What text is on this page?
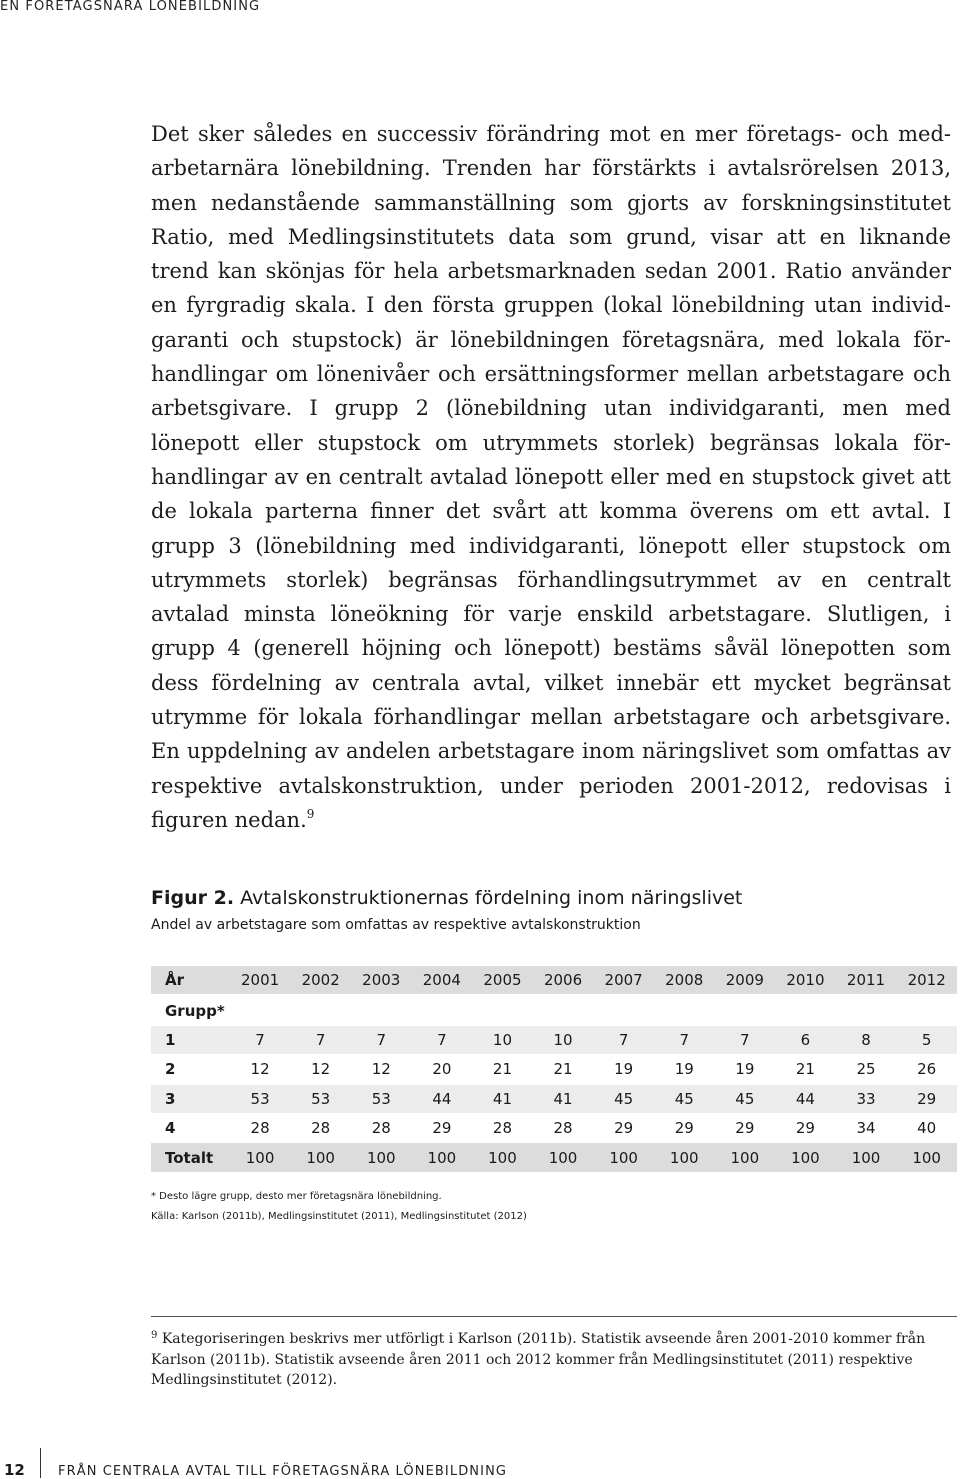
EN FÖRETAGSNÄRA LÖNEBILDNING

Det sker således en successiv förändring mot en mer företags- och medarbetarnära lönebildning. Trenden har förstärkts i avtalsrörelsen 2013, men nedanstående sammanställning som gjorts av forskningsinstitutet Ratio, med Medlingsinstitutets data som grund, visar att en liknande trend kan skönjas för hela arbetsmarknaden sedan 2001. Ratio använder en fyrgradig skala. I den första gruppen (lokal lönebildning utan individgaranti och stupstock) är lönebildningen företagsnära, med lokala förhandlingar om lönenivåer och ersättningsformer mellan arbetstagare och arbetsgivare. I grupp 2 (lönebildning utan individgaranti, men med lönepott eller stupstock om utrymmets storlek) begränsas lokala förhandlingar av en centralt avtalad lönepott eller med en stupstock givet att de lokala parterna finner det svårt att komma överens om ett avtal. I grupp 3 (lönebildning med individgaranti, lönepott eller stupstock om utrymmets storlek) begränsas förhandlingsutrymmet av en centralt avtalad minsta löneökning för varje enskild arbetstagare. Slutligen, i grupp 4 (generell höjning och lönepott) bestäms såväl lönepotten som dess fördelning av centrala avtal, vilket innebär ett mycket begränsat utrymme för lokala förhandlingar mellan arbetstagare och arbetsgivare. En uppdelning av andelen arbetstagare inom näringslivet som omfattas av respektive avtalskonstruktion, under perioden 2001-2012, redovisas i figuren nedan.$^9$

Figur 2. Avtalskonstruktionernas fördelning inom näringslivet
Andel av arbetstagare som omfattas av respektive avtalskonstruktion
År	2001	2002	2003	2004	2005	2006	2007	2008	2009	2010	2011	2012
Grupp*												
1	7	7	7	7	10	10	7	7	7	6	8	5
2	12	12	12	20	21	21	19	19	19	21	25	26
3	53	53	53	44	41	41	45	45	45	44	33	29
4	28	28	28	29	28	28	29	29	29	29	34	40
Totalt	100	100	100	100	100	100	100	100	100	100	100	100
* Desto lägre grupp, desto mer företagsnära lönebildning.
Källa: Karlson (2011b), Medlingsinstitutet (2011), Medlingsinstitutet (2012)

$^9$ Kategoriseringen beskrivs mer utförligt i Karlson (2011b). Statistik avseende åren 2001-2010 kommer från Karlson (2011b). Statistik avseende åren 2011 och 2012 kommer från Medlingsinstitutet (2011) respektive Medlingsinstitutet (2012).

12	FRÅN CENTRALA AVTAL TILL FÖRETAGSNÄRA LÖNEBILDNING
